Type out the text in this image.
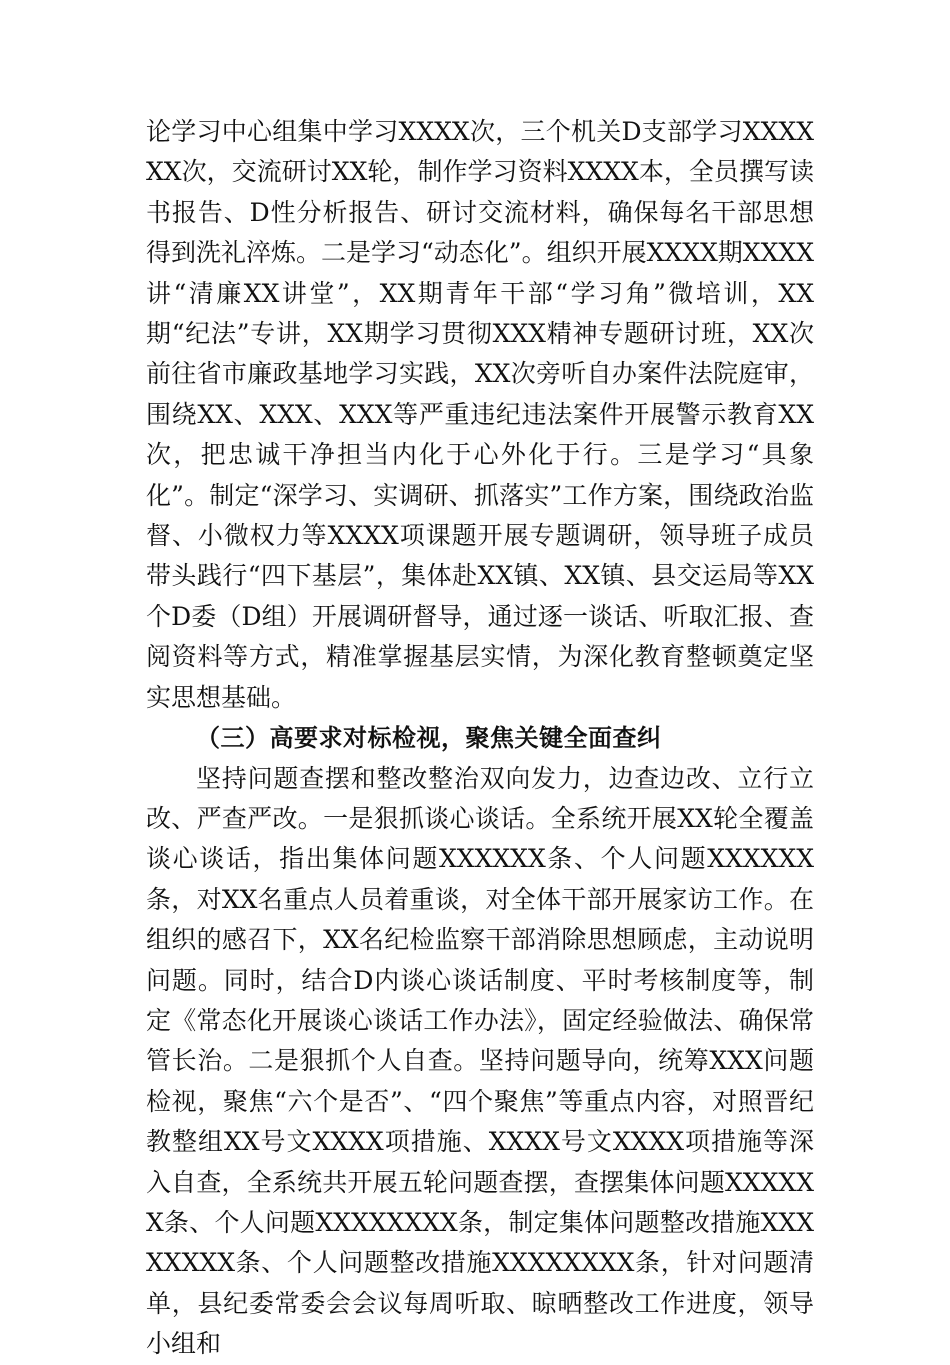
论学习中心组集中学习XXXX次，三个机关D支部学习XXXXXX次，交流研讨XX轮，制作学习资料XXXX本，全员撰写读书报告、D性分析报告、研讨交流材料，确保每名干部思想得到洗礼淬炼。二是学习“动态化”。组织开展XXXX期XXXX讲“清廉XX讲堂”，XX期青年干部“学习角”微培训，XX期“纪法”专讲，XX期学习贯彻XXX精神专题研讨班，XX次前往省市廉政基地学习实践，XX次旁听自办案件法院庭审，围绕XX、XXX、XXX等严重违纪违法案件开展警示教育XX次，把忠诚干净担当内化于心外化于行。三是学习“具象化”。制定“深学习、实调研、抓落实”工作方案，围绕政治监督、小微权力等XXXX项课题开展专题调研，领导班子成员带头践行“四下基层”，集体赴XX镇、XX镇、县交运局等XX个D委（D组）开展调研督导，通过逐一谈话、听取汇报、查阅资料等方式，精准掌握基层实情，为深化教育整顿奠定坚实思想基础。

（三）高要求对标检视，聚焦关键全面查纠

坚持问题查摆和整改整治双向发力，边查边改、立行立改、严查严改。一是狠抓谈心谈话。全系统开展XX轮全覆盖谈心谈话，指出集体问题XXXXXX条、个人问题XXXXXX条，对XX名重点人员着重谈，对全体干部开展家访工作。在组织的感召下，XX名纪检监察干部消除思想顾虑，主动说明问题。同时，结合D内谈心谈话制度、平时考核制度等，制定《常态化开展谈心谈话工作办法》，固定经验做法、确保常管长治。二是狠抓个人自查。坚持问题导向，统筹XXX问题检视，聚焦“六个是否”、“四个聚焦”等重点内容，对照晋纪教整组XX号文XXXX项措施、XXXX号文XXXX项措施等深入自查，全系统共开展五轮问题查摆，查摆集体问题XXXXXX条、个人问题XXXXXXXX条，制定集体问题整改措施XXXXXXXX条、个人问题整改措施XXXXXXXX条，针对问题清单，县纪委常委会会议每周听取、晾晒整改工作进度，领导小组和
